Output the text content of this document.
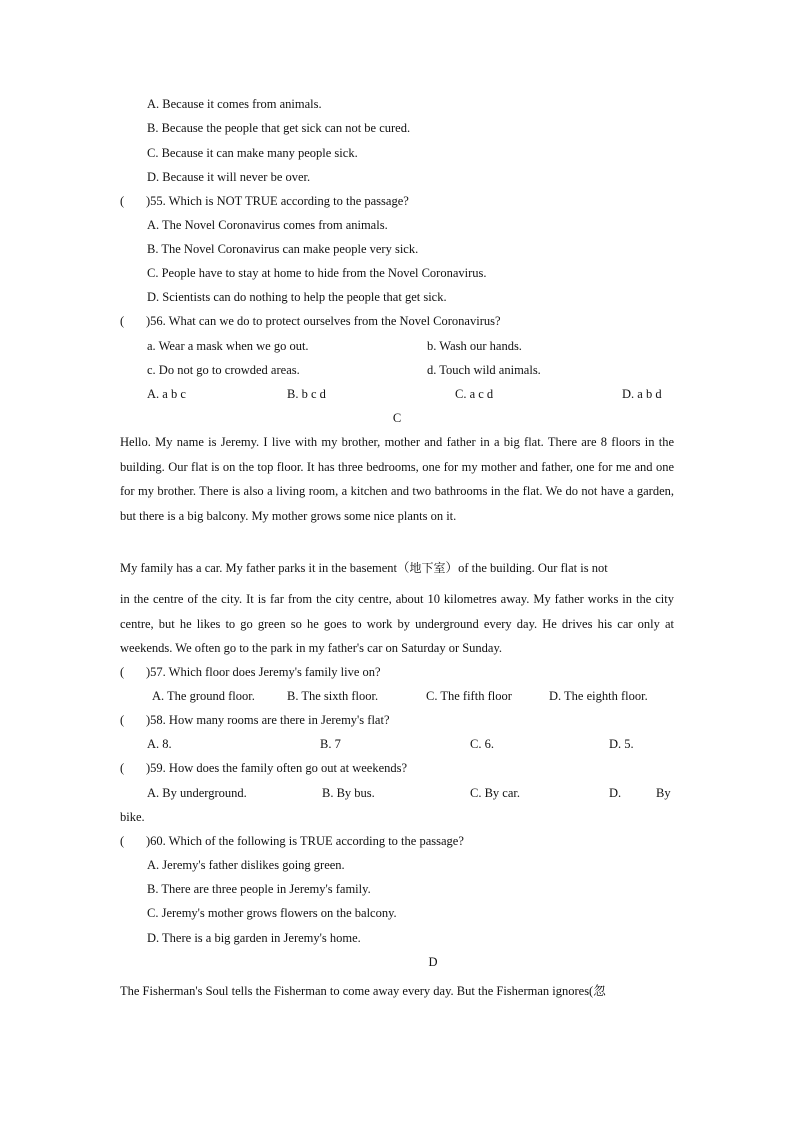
A. Because it comes from animals.
B. Because the people that get sick can not be cured.
C. Because it can make many people sick.
D. Because it will never be over.
( )55. Which is NOT TRUE according to the passage?
A. The Novel Coronavirus comes from animals.
B. The Novel Coronavirus can make people very sick.
C. People have to stay at home to hide from the Novel Coronavirus.
D. Scientists can do nothing to help the people that get sick.
( )56. What can we do to protect ourselves from the Novel Coronavirus?
a. Wear a mask when we go out.	b. Wash our hands.
c. Do not go to crowded areas.	d. Touch wild animals.
A. a b c	B. b c d	C. a c d	D. a b d
C
Hello. My name is Jeremy. I live with my brother, mother and father in a big flat. There are 8 floors in the building. Our flat is on the top floor. It has three bedrooms, one for my mother and father, one for me and one for my brother. There is also a living room, a kitchen and two bathrooms in the flat. We do not have a garden, but there is a big balcony. My mother grows some nice plants on it.
My family has a car. My father parks it in the basement（地下室）of the building. Our flat is not
in the centre of the city. It is far from the city centre, about 10 kilometres away. My father works in the city centre, but he likes to go green so he goes to work by underground every day. He drives his car only at weekends. We often go to the park in my father's car on Saturday or Sunday.
( )57. Which floor does Jeremy's family live on?
A. The ground floor.	B. The sixth floor.	C. The fifth floor	D. The eighth floor.
( )58. How many rooms are there in Jeremy's flat?
A. 8.	B. 7	C. 6.	D. 5.
( )59. How does the family often go out at weekends?
A. By underground.	B. By bus.	C. By car.	D.	By
bike.
( )60. Which of the following is TRUE according to the passage?
A. Jeremy's father dislikes going green.
B. There are three people in Jeremy's family.
C. Jeremy's mother grows flowers on the balcony.
D. There is a big garden in Jeremy's home.
D
The Fisherman's Soul tells the Fisherman to come away every day. But the Fisherman ignores(忽
